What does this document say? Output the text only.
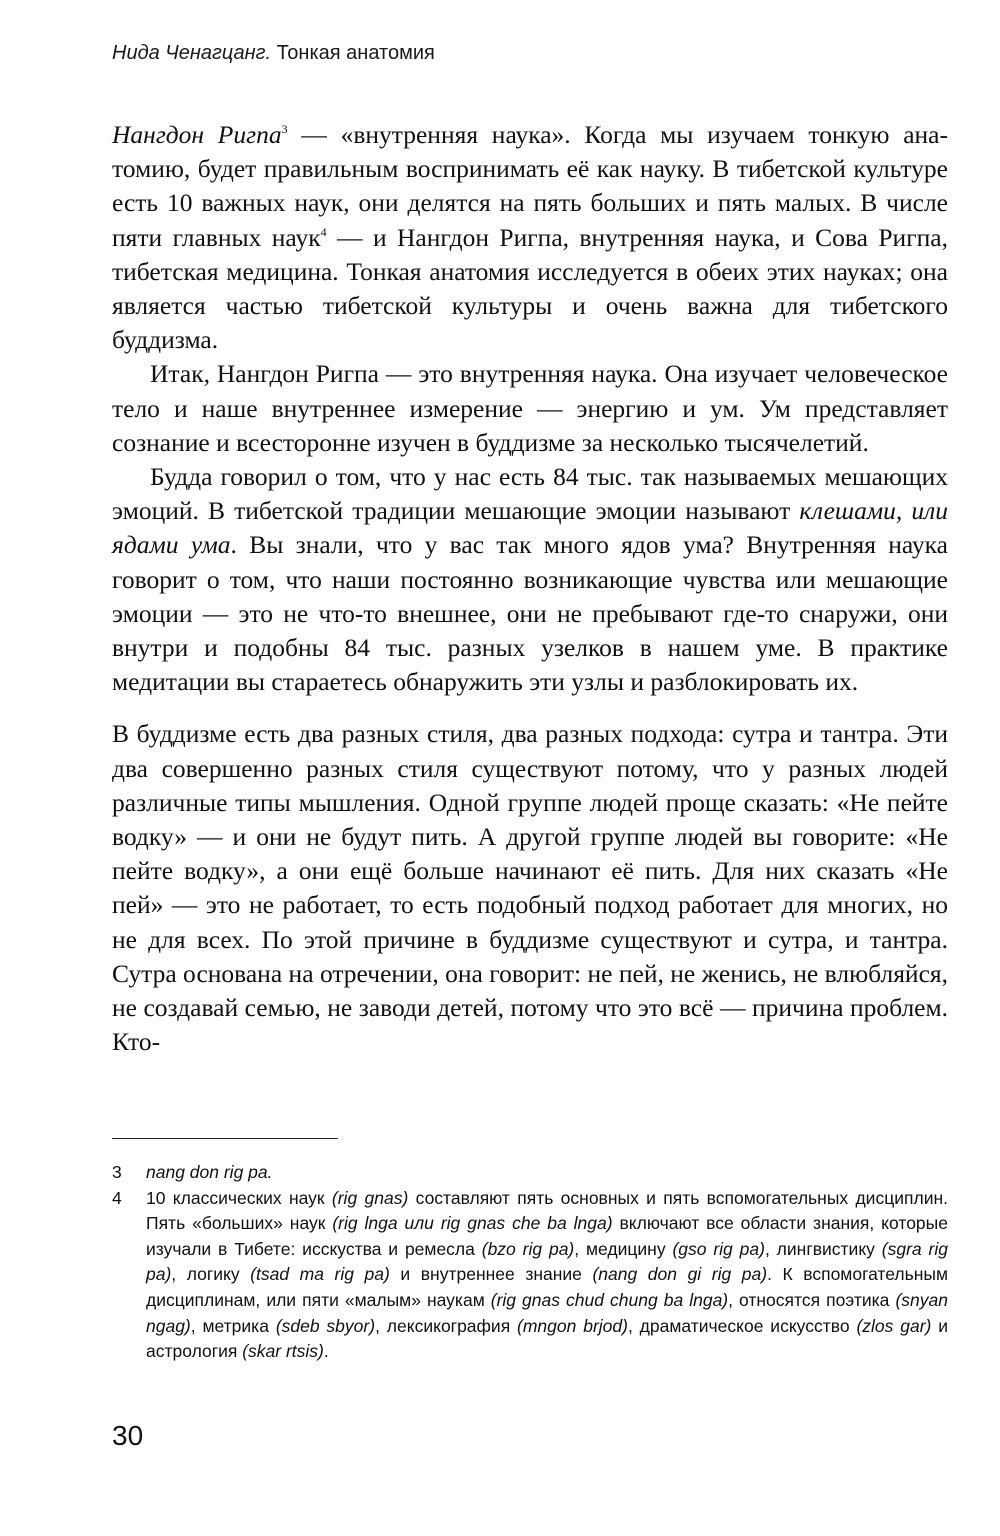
Нида Ченагцанг. Тонкая анатомия

Нангдон Ригпа$^3$ — «внутренняя наука». Когда мы изучаем тонкую анатомию, будет правильным воспринимать её как науку. В тибетской культуре есть 10 важных наук, они делятся на пять больших и пять малых. В числе пяти главных наук$^4$ — и Нангдон Ригпа, внутренняя наука, и Сова Ригпа, тибетская медицина. Тонкая анатомия исследуется в обеих этих науках; она является частью тибетской культуры и очень важна для тибетского буддизма.

Итак, Нангдон Ригпа — это внутренняя наука. Она изучает человеческое тело и наше внутреннее измерение — энергию и ум. Ум представляет сознание и всесторонне изучен в буддизме за несколько тысячелетий.

Будда говорил о том, что у нас есть 84 тыс. так называемых мешающих эмоций. В тибетской традиции мешающие эмоции называют клешами, или ядами ума. Вы знали, что у вас так много ядов ума? Внутренняя наука говорит о том, что наши постоянно возникающие чувства или мешающие эмоции — это не что-то внешнее, они не пребывают где-то снаружи, они внутри и подобны 84 тыс. разных узелков в нашем уме. В практике медитации вы стараетесь обнаружить эти узлы и разблокировать их.

В буддизме есть два разных стиля, два разных подхода: сутра и тантра. Эти два совершенно разных стиля существуют потому, что у разных людей различные типы мышления. Одной группе людей проще сказать: «Не пейте водку» — и они не будут пить. А другой группе людей вы говорите: «Не пейте водку», а они ещё больше начинают её пить. Для них сказать «Не пей» — это не работает, то есть подобный подход работает для многих, но не для всех. По этой причине в буддизме существуют и сутра, и тантра. Сутра основана на отречении, она говорит: не пей, не женись, не влюбляйся, не создавай семью, не заводи детей, потому что это всё — причина проблем. Кто-

3	nang don rig pa.
4	10 классических наук (rig gnas) составляют пять основных и пять вспомогательных дисциплин. Пять «больших» наук (rig lnga или rig gnas che ba lnga) включают все области знания, которые изучали в Тибете: исскуства и ремесла (bzo rig pa), медицину (gso rig pa), лингвистику (sgra rig pa), логику (tsad ma rig pa) и внутреннее знание (nang don gi rig pa). К вспомогательным дисциплинам, или пяти «малым» наукам (rig gnas chud chung ba lnga), относятся поэтика (snyan ngag), метрика (sdeb sbyor), лексикография (mngon brjod), драматическое искусство (zlos gar) и астрология (skar rtsis).
30
